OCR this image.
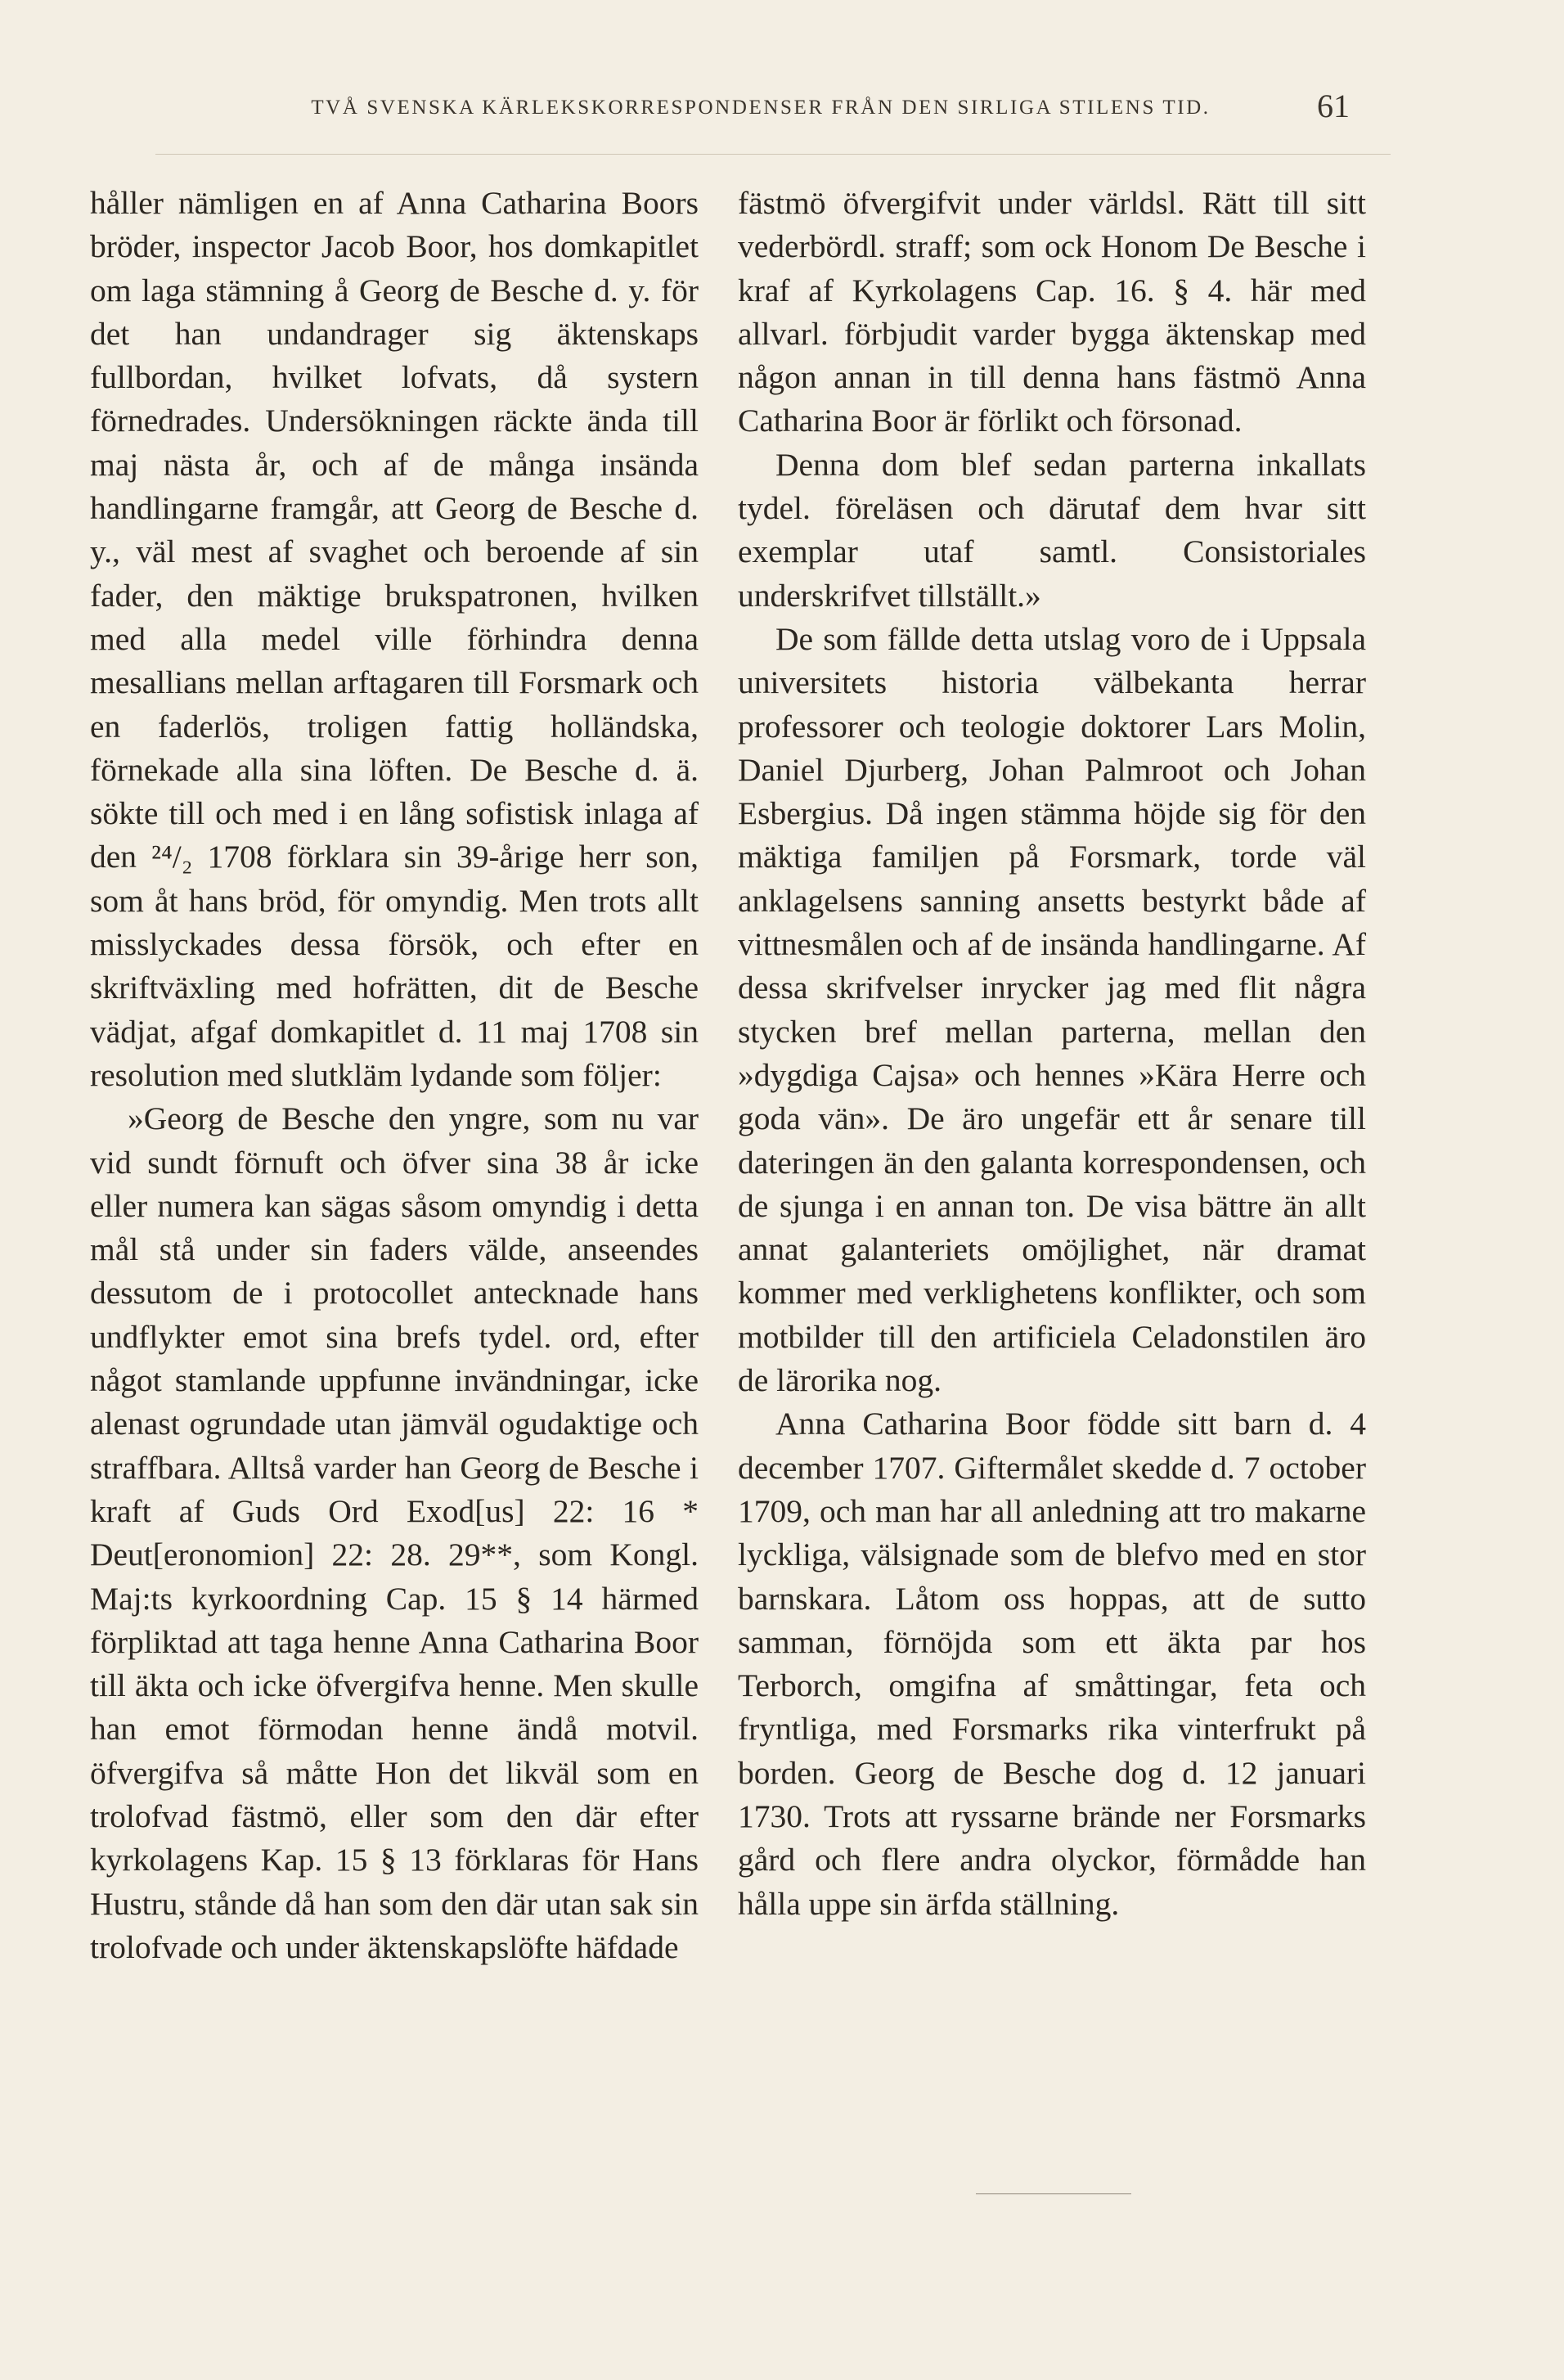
TVÅ SVENSKA KÄRLEKSKORRESPONDENSER FRÅN DEN SIRLIGA STILENS TID.	61

håller nämligen en af Anna Catharina Boors bröder, inspector Jacob Boor, hos domkapitlet om laga stämning å Georg de Besche d. y. för det han undandrager sig äktenskaps fullbordan, hvilket lofvats, då systern förnedrades. Undersökningen räckte ända till maj nästa år, och af de många insända handlingarne framgår, att Georg de Besche d. y., väl mest af svaghet och beroende af sin fader, den mäktige brukspatronen, hvilken med alla medel ville förhindra denna mesallians mellan arftagaren till Forsmark och en faderlös, troligen fattig holländska, förnekade alla sina löften. De Besche d. ä. sökte till och med i en lång sofistisk inlaga af den ²⁴/₂ 1708 förklara sin 39-årige herr son, som åt hans bröd, för omyndig. Men trots allt misslyckades dessa försök, och efter en skriftväxling med hofrätten, dit de Besche vädjat, afgaf domkapitlet d. 11 maj 1708 sin resolution med slutkläm lydande som följer:

»Georg de Besche den yngre, som nu var vid sundt förnuft och öfver sina 38 år icke eller numera kan sägas såsom omyndig i detta mål stå under sin faders välde, anseendes dessutom de i protocollet antecknade hans undflykter emot sina brefs tydel. ord, efter något stamlande uppfunne invändningar, icke alenast ogrundade utan jämväl ogudaktige och straffbara. Alltså varder han Georg de Besche i kraft af Guds Ord Exod[us] 22: 16 * Deut[eronomion] 22: 28. 29**, som Kongl. Maj:ts kyrkoordning Cap. 15 § 14 härmed förpliktad att taga henne Anna Catharina Boor till äkta och icke öfvergifva henne. Men skulle han emot förmodan henne ändå motvil. öfvergifva så måtte Hon det likväl som en trolofvad fästmö, eller som den där efter kyrkolagens Kap. 15 § 13 förklaras för Hans Hustru, stånde då han som den där utan sak sin trolofvade och under äktenskapslöfte häfdade

fästmö öfvergifvit under världsl. Rätt till sitt vederbördl. straff; som ock Honom De Besche i kraf af Kyrkolagens Cap. 16. § 4. här med allvarl. förbjudit varder bygga äktenskap med någon annan in till denna hans fästmö Anna Catharina Boor är förlikt och försonad.

Denna dom blef sedan parterna inkallats tydel. föreläsen och därutaf dem hvar sitt exemplar utaf samtl. Consistoriales underskrifvet tillställt.»

De som fällde detta utslag voro de i Uppsala universitets historia välbekanta herrar professorer och teologie doktorer Lars Molin, Daniel Djurberg, Johan Palmroot och Johan Esbergius. Då ingen stämma höjde sig för den mäktiga familjen på Forsmark, torde väl anklagelsens sanning ansetts bestyrkt både af vittnesmålen och af de insända handlingarne. Af dessa skrifvelser inrycker jag med flit några stycken bref mellan parterna, mellan den »dygdiga Cajsa» och hennes »Kära Herre och goda vän». De äro ungefär ett år senare till dateringen än den galanta korrespondensen, och de sjunga i en annan ton. De visa bättre än allt annat galanteriets omöjlighet, när dramat kommer med verklighetens konflikter, och som motbilder till den artificiela Celadonstilen äro de lärorika nog.

Anna Catharina Boor födde sitt barn d. 4 december 1707. Giftermålet skedde d. 7 october 1709, och man har all anledning att tro makarne lyckliga, välsignade som de blefvo med en stor barnskara. Låtom oss hoppas, att de sutto samman, förnöjda som ett äkta par hos Terborch, omgifna af småttingar, feta och fryntliga, med Forsmarks rika vinterfrukt på borden. Georg de Besche dog d. 12 januari 1730. Trots att ryssarne brände ner Forsmarks gård och flere andra olyckor, förmådde han hålla uppe sin ärfda ställning.
